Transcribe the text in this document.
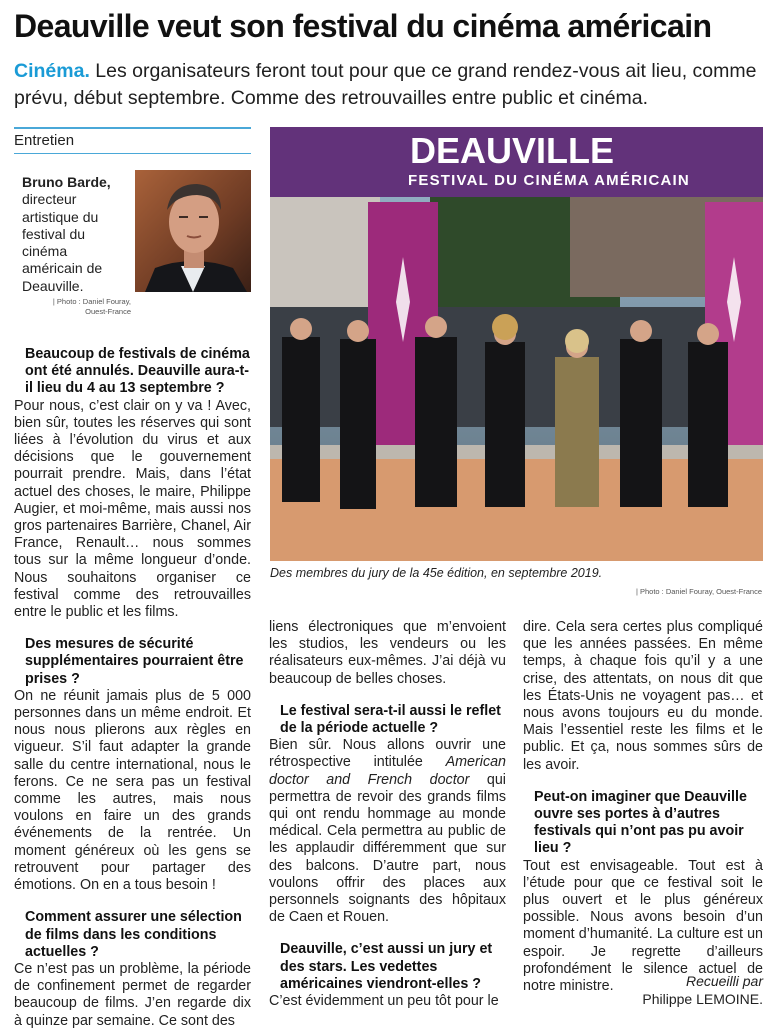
Deauville veut son festival du cinéma américain

Cinéma. Les organisateurs feront tout pour que ce grand rendez-vous ait lieu, comme prévu, début septembre. Comme des retrouvailles entre public et cinéma.

Entretien
Bruno Barde, directeur artistique du festival du cinéma américain de Deauville.
| Photo : Daniel Fouray,
Ouest-France
DEAUVILLE
FESTIVAL DU CINÉMA AMÉRICAIN
Des membres du jury de la 45e édition, en septembre 2019.
| Photo : Daniel Fouray, Ouest-France

Beaucoup de festivals de cinéma ont été annulés. Deauville aura-t-il lieu du 4 au 13 septembre ?

Pour nous, c’est clair on y va ! Avec, bien sûr, toutes les réserves qui sont liées à l’évolution du virus et aux décisions que le gouvernement pourrait prendre. Mais, dans l’état actuel des choses, le maire, Philippe Augier, et moi-même, mais aussi nos gros partenaires Barrière, Chanel, Air France, Renault… nous sommes tous sur la même longueur d’onde. Nous souhaitons organiser ce festival comme des retrouvailles entre le public et les films.

Des mesures de sécurité supplémentaires pourraient être prises ?

On ne réunit jamais plus de 5 000 personnes dans un même endroit. Et nous nous plierons aux règles en vigueur. S’il faut adapter la grande salle du centre international, nous le ferons. Ce ne sera pas un festival comme les autres, mais nous voulons en faire un des grands événements de la rentrée. Un moment généreux où les gens se retrouvent pour partager des émotions. On en a tous besoin !

Comment assurer une sélection de films dans les conditions actuelles ?

Ce n’est pas un problème, la période de confinement permet de regarder beaucoup de films. J’en regarde dix à quinze par semaine. Ce sont des

liens électroniques que m’envoient les studios, les vendeurs ou les réalisateurs eux-mêmes. J’ai déjà vu beaucoup de belles choses.

Le festival sera-t-il aussi le reflet de la période actuelle ?

Bien sûr. Nous allons ouvrir une rétrospective intitulée American doctor and French doctor qui permettra de revoir des grands films qui ont rendu hommage au monde médical. Cela permettra au public de les applaudir différemment que sur des balcons. D’autre part, nous voulons offrir des places aux personnels soignants des hôpitaux de Caen et Rouen.

Deauville, c’est aussi un jury et des stars. Les vedettes américaines viendront-elles ?

C’est évidemment un peu tôt pour le

dire. Cela sera certes plus compliqué que les années passées. En même temps, à chaque fois qu’il y a une crise, des attentats, on nous dit que les États-Unis ne voyagent pas… et nous avons toujours eu du monde. Mais l’essentiel reste les films et le public. Et ça, nous sommes sûrs de les avoir.

Peut-on imaginer que Deauville ouvre ses portes à d’autres festivals qui n’ont pas pu avoir lieu ?

Tout est envisageable. Tout est à l’étude pour que ce festival soit le plus ouvert et le plus généreux possible. Nous avons besoin d’un moment d’humanité. La culture est un espoir. Je regrette d’ailleurs profondément le silence actuel de notre ministre.	Recueilli par
Philippe LEMOINE.
